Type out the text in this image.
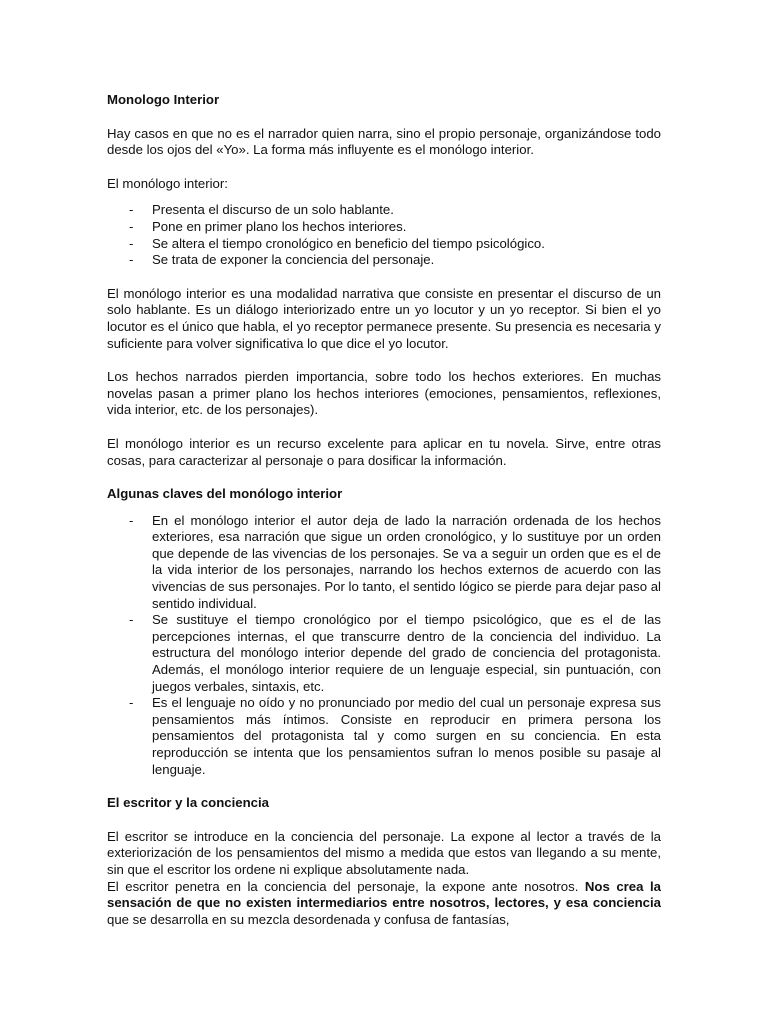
Monologo Interior

Hay casos en que no es el narrador quien narra, sino el propio personaje, organizándose todo desde los ojos del «Yo». La forma más influyente es el monólogo interior.

El monólogo interior:

- Presenta el discurso de un solo hablante.
- Pone en primer plano los hechos interiores.
- Se altera el tiempo cronológico en beneficio del tiempo psicológico.
- Se trata de exponer la conciencia del personaje.

El monólogo interior es una modalidad narrativa que consiste en presentar el discurso de un solo hablante. Es un diálogo interiorizado entre un yo locutor y un yo receptor. Si bien el yo locutor es el único que habla, el yo receptor permanece presente. Su presencia es necesaria y suficiente para volver significativa lo que dice el yo locutor.

Los hechos narrados pierden importancia, sobre todo los hechos exteriores. En muchas novelas pasan a primer plano los hechos interiores (emociones, pensamientos, reflexiones, vida interior, etc. de los personajes).

El monólogo interior es un recurso excelente para aplicar en tu novela. Sirve, entre otras cosas, para caracterizar al personaje o para dosificar la información.

Algunas claves del monólogo interior
- En el monólogo interior el autor deja de lado la narración ordenada de los hechos exteriores, esa narración que sigue un orden cronológico, y lo sustituye por un orden que depende de las vivencias de los personajes. Se va a seguir un orden que es el de la vida interior de los personajes, narrando los hechos externos de acuerdo con las vivencias de sus personajes. Por lo tanto, el sentido lógico se pierde para dejar paso al sentido individual.
- Se sustituye el tiempo cronológico por el tiempo psicológico, que es el de las percepciones internas, el que transcurre dentro de la conciencia del individuo. La estructura del monólogo interior depende del grado de conciencia del protagonista. Además, el monólogo interior requiere de un lenguaje especial, sin puntuación, con juegos verbales, sintaxis, etc.
- Es el lenguaje no oído y no pronunciado por medio del cual un personaje expresa sus pensamientos más íntimos. Consiste en reproducir en primera persona los pensamientos del protagonista tal y como surgen en su conciencia. En esta reproducción se intenta que los pensamientos sufran lo menos posible su pasaje al lenguaje.
El escritor y la conciencia

El escritor se introduce en la conciencia del personaje. La expone al lector a través de la exteriorización de los pensamientos del mismo a medida que estos van llegando a su mente, sin que el escritor los ordene ni explique absolutamente nada.

El escritor penetra en la conciencia del personaje, la expone ante nosotros. Nos crea la sensación de que no existen intermediarios entre nosotros, lectores, y esa conciencia que se desarrolla en su mezcla desordenada y confusa de fantasías,
